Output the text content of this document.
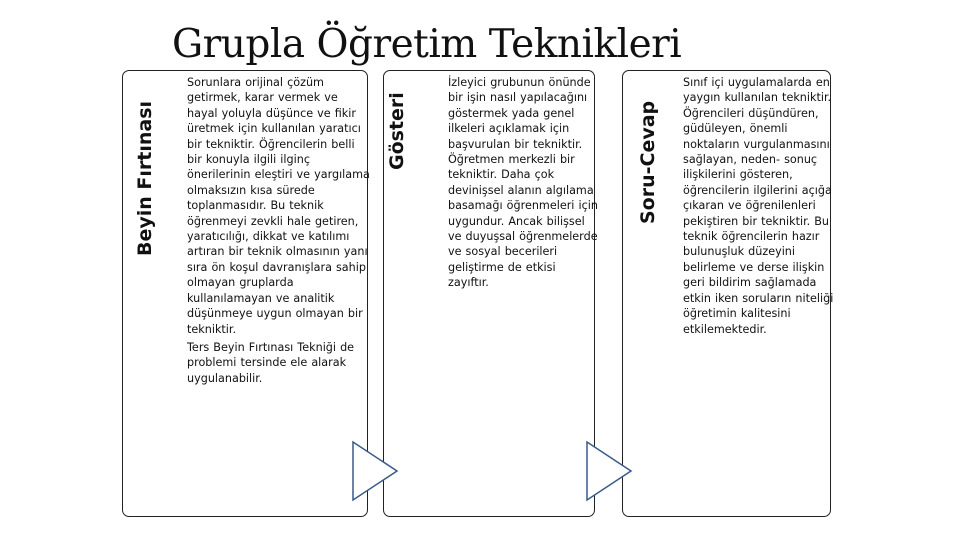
Grupla Öğretim Teknikleri
Beyin Fırtınası

Sorunlara orijinal çözüm getirmek, karar vermek ve hayal yoluyla düşünce ve fikir üretmek için kullanılan yaratıcı bir tekniktir. Öğrencilerin belli bir konuyla ilgili ilginç önerilerinin eleştiri ve yargılama olmaksızın kısa sürede toplanmasıdır. Bu teknik öğrenmeyi zevkli hale getiren, yaratıcılığı, dikkat ve katılımı artıran bir teknik olmasının yanı sıra ön koşul davranışlara sahip olmayan gruplarda kullanılamayan ve analitik düşünmeye uygun olmayan bir tekniktir.

Ters Beyin Fırtınası Tekniği de problemi tersinde ele alarak uygulanabilir.

Gösteri

İzleyici grubunun önünde bir işin nasıl yapılacağını göstermek yada genel ilkeleri açıklamak için başvurulan bir tekniktir. Öğretmen merkezli bir tekniktir. Daha çok devinişsel alanın algılama basamağı öğrenmeleri için uygundur. Ancak bilişsel ve duyuşsal öğrenmelerde ve sosyal becerileri geliştirme de etkisi zayıftır.

Soru-Cevap

Sınıf içi uygulamalarda en yaygın kullanılan tekniktir. Öğrencileri düşündüren, güdüleyen, önemli noktaların vurgulanmasını sağlayan, neden- sonuç ilişkilerini gösteren, öğrencilerin ilgilerini açığa çıkaran ve öğrenilenleri pekiştiren bir tekniktir. Bu teknik öğrencilerin hazır bulunuşluk düzeyini belirleme ve derse ilişkin geri bildirim sağlamada etkin iken soruların niteliği öğretimin kalitesini etkilemektedir.
